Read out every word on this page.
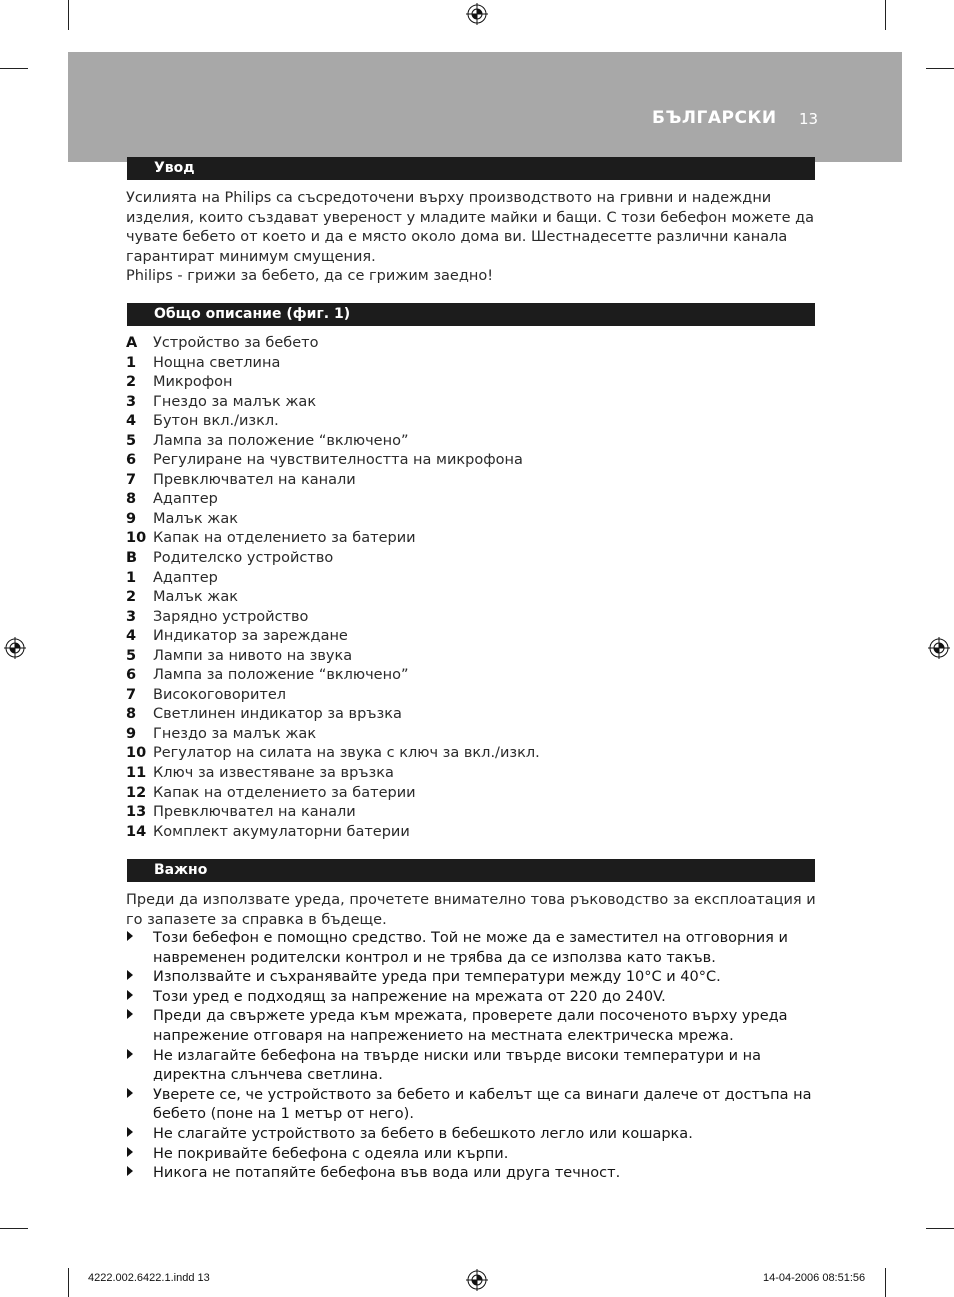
БЪЛГАРСКИ 13
Увод
Усилията на Philips са съсредоточени върху производството на гривни и надеждни изделия, които създават увереност у младите майки и бащи. С този бебефон можете да чувате бебето от което и да е място около дома ви. Шестнадесетте различни канала гарантират минимум смущения.
Philips - грижи за бебето, да се грижим заедно!
Общо описание (фиг. 1)
A	Устройство за бебето
1	Нощна светлина
2	Микрофон
3	Гнездо за малък жак
4	Бутон вкл./изкл.
5	Лампа за положение “включено”
6	Регулиране на чувствителността на микрофона
7	Превключвател на канали
8	Адаптер
9	Малък жак
10 Капак на отделението за батерии
B	Родителско устройство
1	Адаптер
2	Малък жак
3	Зарядно устройство
4	Индикатор за зареждане
5	Лампи за нивото на звука
6	Лампа за положение “включено”
7	Високоговорител
8	Светлинен индикатор за връзка
9	Гнездо за малък жак
10 Регулатор на силата на звука с ключ за вкл./изкл.
11 Ключ за известяване за връзка
12 Капак на отделението за батерии
13 Превключвател на канали
14 Комплект акумулаторни батерии
Важно
Преди да използвате уреда, прочетете внимателно това ръководство за експлоатация и го запазете за справка в бъдеще.
Този бебефон е помощно средство. Той не може да е заместител на отговорния и навременен родителски контрол и не трябва да се използва като такъв.
Използвайте и съхранявайте уреда при температури между 10°C и 40°C.
Този уред е подходящ за напрежение на мрежата от 220 до 240V.
Преди да свържете уреда към мрежата, проверете дали посоченото върху уреда напрежение отговаря на напрежението на местната електрическа мрежа.
Не излагайте бебефона на твърде ниски или твърде високи температури и на директна слънчева светлина.
Уверете се, че устройството за бебето и кабелът ще са винаги далече от достъпа на бебето (поне на 1 метър от него).
Не слагайте устройството за бебето в бебешкото легло или кошарка.
Не покривайте бебефона с одеяла или кърпи.
Никога не потапяйте бебефона във вода или друга течност.
4222.002.6422.1.indd 13	14-04-2006 08:51:56
